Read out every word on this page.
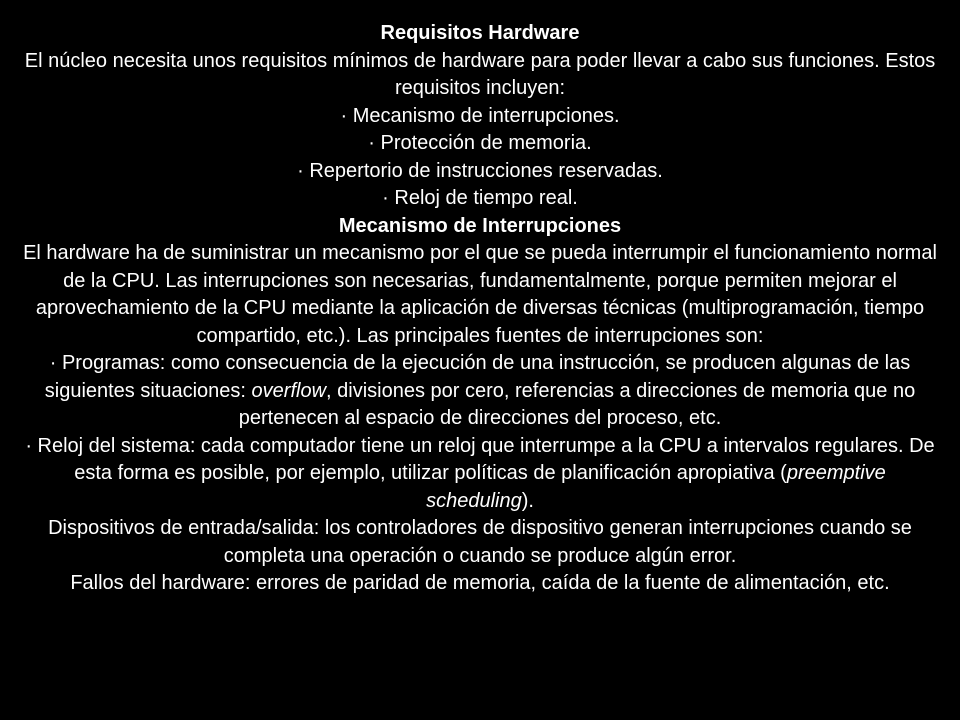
Requisitos Hardware

El núcleo necesita unos requisitos mínimos de hardware para poder llevar a cabo sus funciones. Estos requisitos incluyen:

· Mecanismo de interrupciones.

· Protección de memoria.

· Repertorio de instrucciones reservadas.

· Reloj de tiempo real.

Mecanismo de Interrupciones

El hardware ha de suministrar un mecanismo por el que se pueda interrumpir el funcionamiento normal de la CPU. Las interrupciones son necesarias, fundamentalmente, porque permiten mejorar el aprovechamiento de la CPU mediante la aplicación de diversas técnicas (multiprogramación, tiempo compartido, etc.). Las principales fuentes de interrupciones son:

· Programas: como consecuencia de la ejecución de una instrucción, se producen algunas de las siguientes situaciones: overflow, divisiones por cero, referencias a direcciones de memoria que no pertenecen al espacio de direcciones del proceso, etc.

· Reloj del sistema: cada computador tiene un reloj que interrumpe a la CPU a intervalos regulares. De esta forma es posible, por ejemplo, utilizar políticas de planificación apropiativa (preemptive scheduling).

Dispositivos de entrada/salida: los controladores de dispositivo generan interrupciones cuando se completa una operación o cuando se produce algún error.

Fallos del hardware: errores de paridad de memoria, caída de la fuente de alimentación, etc.
